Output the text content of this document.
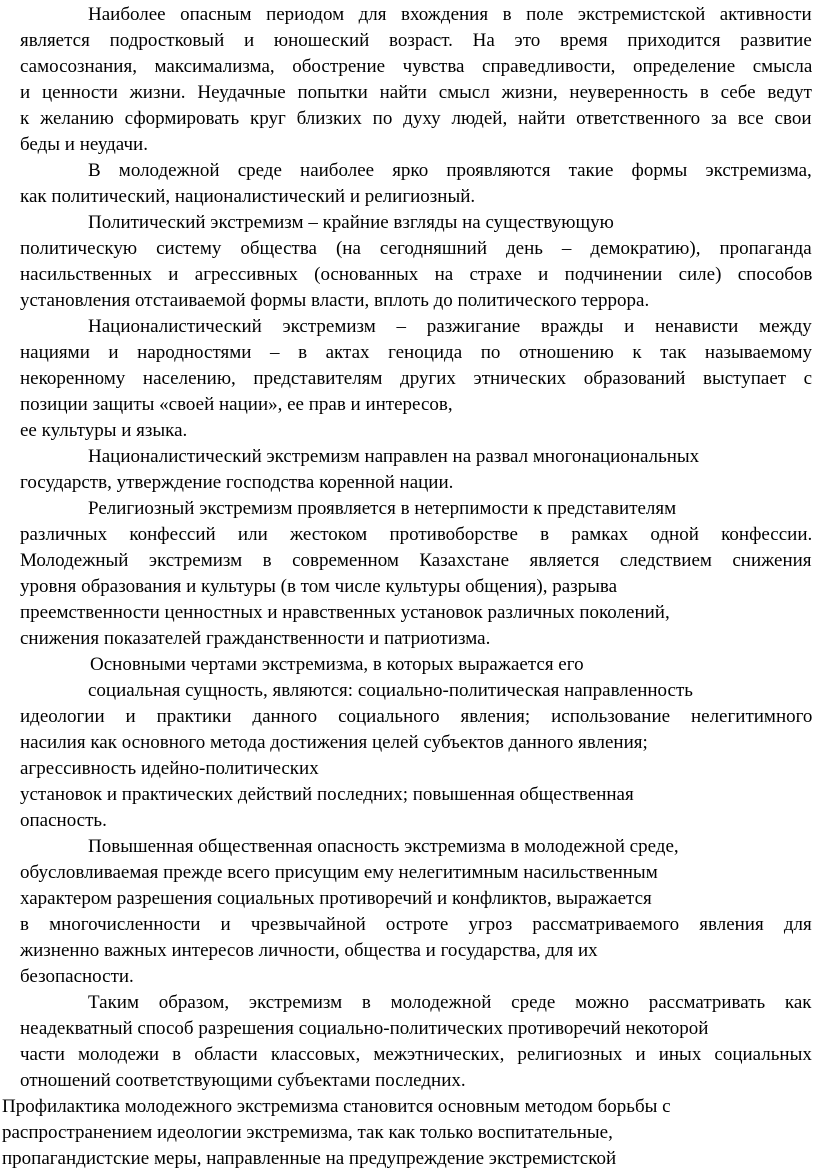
Наиболее опасным периодом для вхождения в поле экстремистской активности
является подростковый и юношеский возраст. На это время приходится развитие
самосознания, максимализма, обострение чувства справедливости, определение смысла
и ценности жизни. Неудачные попытки найти смысл жизни, неуверенность в себе ведут
к желанию сформировать круг близких по духу людей, найти ответственного за все свои
беды и неудачи.
В молодежной среде наиболее ярко проявляются такие формы экстремизма,
как политический, националистический и религиозный.
Политический экстремизм – крайние взгляды на существующую
политическую систему общества (на сегодняшний день – демократию), пропаганда
насильственных и агрессивных (основанных на страхе и подчинении силе) способов
установления отстаиваемой формы власти, вплоть до политического террора.
Националистический экстремизм – разжигание вражды и ненависти между
нациями и народностями – в актах геноцида по отношению к так называемому
некоренному населению, представителям других этнических образований выступает с
позиции защиты «своей нации», ее прав и интересов,
ее культуры и языка.
Националистический экстремизм направлен на развал многонациональных
государств, утверждение господства коренной нации.
Религиозный экстремизм проявляется в нетерпимости к представителям
различных конфессий или жестоком противоборстве в рамках одной конфессии.
Молодежный экстремизм в современном Казахстане является следствием снижения
уровня образования и культуры (в том числе культуры общения), разрыва
преемственности ценностных и нравственных установок различных поколений,
снижения показателей гражданственности и патриотизма.
Основными чертами экстремизма, в которых выражается его
социальная сущность, являются: социально-политическая направленность
идеологии и практики данного социального явления; использование нелегитимного
насилия как основного метода достижения целей субъектов данного явления;
агрессивность идейно-политических
установок и практических действий последних; повышенная общественная
опасность.
Повышенная общественная опасность экстремизма в молодежной среде,
обусловливаемая прежде всего присущим ему нелегитимным насильственным
характером разрешения социальных противоречий и конфликтов, выражается
в многочисленности и чрезвычайной остроте угроз рассматриваемого явления для
жизненно важных интересов личности, общества и государства, для их
безопасности.
Таким образом, экстремизм в молодежной среде можно рассматривать как
неадекватный способ разрешения социально-политических противоречий некоторой
части молодежи в области классовых, межэтнических, религиозных и иных социальных
отношений соответствующими субъектами последних.
Профилактика молодежного экстремизма становится основным методом борьбы с
распространением идеологии экстремизма, так как только воспитательные,
пропагандистские меры, направленные на предупреждение экстремистской
